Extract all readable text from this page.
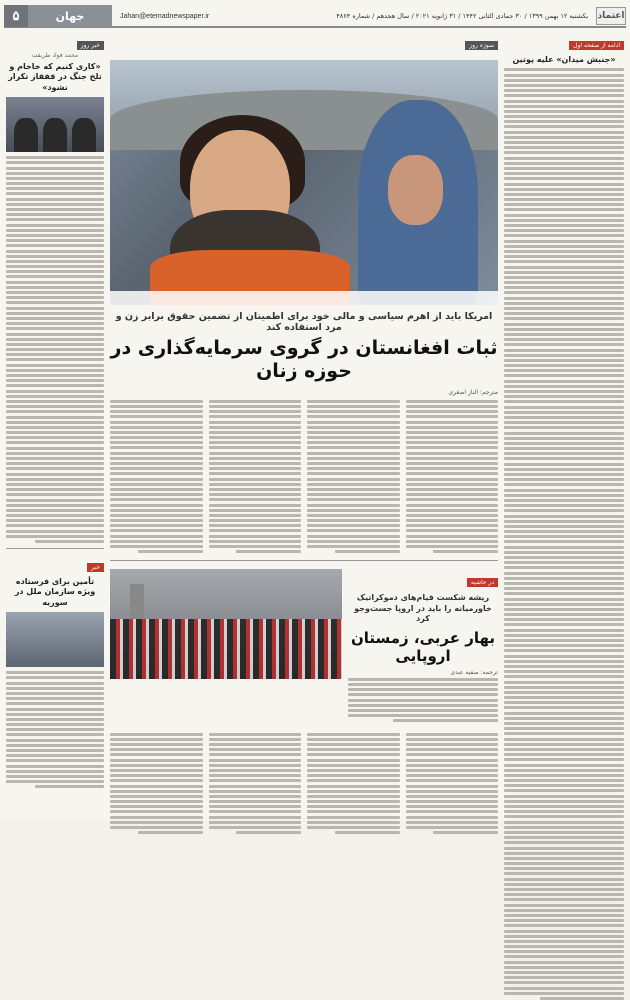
اعتماد
یکشنبه ۱۲ بهمن ۱۳۹۹ / ۳۰ جمادی الثانی ۱۴۴۲ / ۳۱ ژانویه ۲۰۲۱ / سال هجدهم / شماره ۴۸۶۴
Jahan@etemadnewspaper.ir
جهان
۵
ادامه از صفحه اول
«جنبش میدان» علیه پوتین
سوژه روز
امریکا باید از اهرم سیاسی و مالی خود برای اطمینان از تضمین حقوق برابر زن و مرد استفاده کند
ثبات افغانستان در گروی سرمایه‌گذاری در حوزه زنان
مترجم: الناز اصغری
در حاشیه
ریشه شکست قیام‌های دموکراتیک خاورمیانه را باید در اروپا جست‌وجو کرد
بهار عربی، زمستان اروپایی
ترجمه: صفیه عبدی
خبر روز
محمد فواد طریقت
«کاری کنیم که خاخام و تلخ جنگ در قفقاز تکرار نشود»
خبر
تأمین برای فرستاده ویژه سازمان ملل در سوریه
